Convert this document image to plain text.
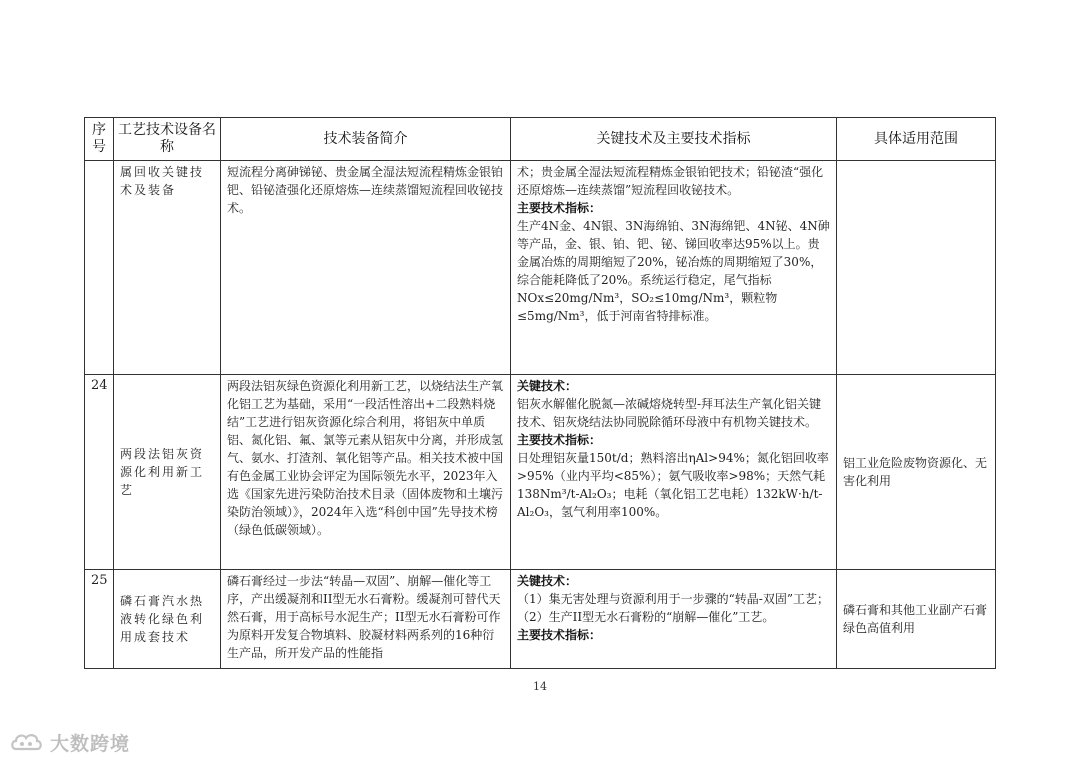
序号	工艺技术设备名称	技术装备简介	关键技术及主要技术指标	具体适用范围
	属回收关键技术及装备	短流程分离砷锑铋、贵金属全湿法短流程精炼金银铂钯、铅铋渣强化还原熔炼—连续蒸馏短流程回收铋技术。	术；贵金属全湿法短流程精炼金银铂钯技术；铅铋渣“强化还原熔炼—连续蒸馏”短流程回收铋技术。
主要技术指标：
生产4N金、4N银、3N海绵铂、3N海绵钯、4N铋、4N砷等产品，金、银、铂、钯、铋、锑回收率达95%以上。贵金属冶炼的周期缩短了20%，铋冶炼的周期缩短了30%，综合能耗降低了20%。系统运行稳定，尾气指标NOx≤20mg/Nm³，SO₂≤10mg/Nm³，颗粒物≤5mg/Nm³，低于河南省特排标准。	

24	两段法铝灰资源化利用新工艺	两段法铝灰绿色资源化利用新工艺，以烧结法生产氧化铝工艺为基础，采用“一段活性溶出+二段熟料烧结”工艺进行铝灰资源化综合利用，将铝灰中单质铝、氮化铝、氟、氯等元素从铝灰中分离，并形成氢气、氨水、打渣剂、氧化铝等产品。相关技术被中国有色金属工业协会评定为国际领先水平，2023年入选《国家先进污染防治技术目录（固体废物和土壤污染防治领域）》，2024年入选“科创中国”先导技术榜（绿色低碳领域）。	关键技术：
铝灰水解催化脱氮—浓碱熔烧转型-拜耳法生产氧化铝关键技术、铝灰烧结法协同脱除循环母液中有机物关键技术。
主要技术指标：
日处理铝灰量150t/d；熟料溶出ηAl>94%；氮化铝回收率>95%（业内平均<85%）；氨气吸收率>98%；天然气耗138Nm³/t-Al₂O₃；电耗（氧化铝工艺电耗）132kW·h/t-Al₂O₃，氢气利用率100%。	铝工业危险废物资源化、无害化利用
25	磷石膏汽水热液转化绿色利用成套技术	磷石膏经过一步法“转晶—双固”、崩解—催化等工序，产出缓凝剂和II型无水石膏粉。缓凝剂可替代天然石膏，用于高标号水泥生产；II型无水石膏粉可作为原料开发复合物填料、胶凝材料两系列的16种衍生产品，所开发产品的性能指	关键技术：
（1）集无害处理与资源利用于一步骤的“转晶-双固”工艺；（2）生产II型无水石膏粉的“崩解—催化”工艺。
主要技术指标：	磷石膏和其他工业副产石膏绿色高值利用
14
大数跨境
